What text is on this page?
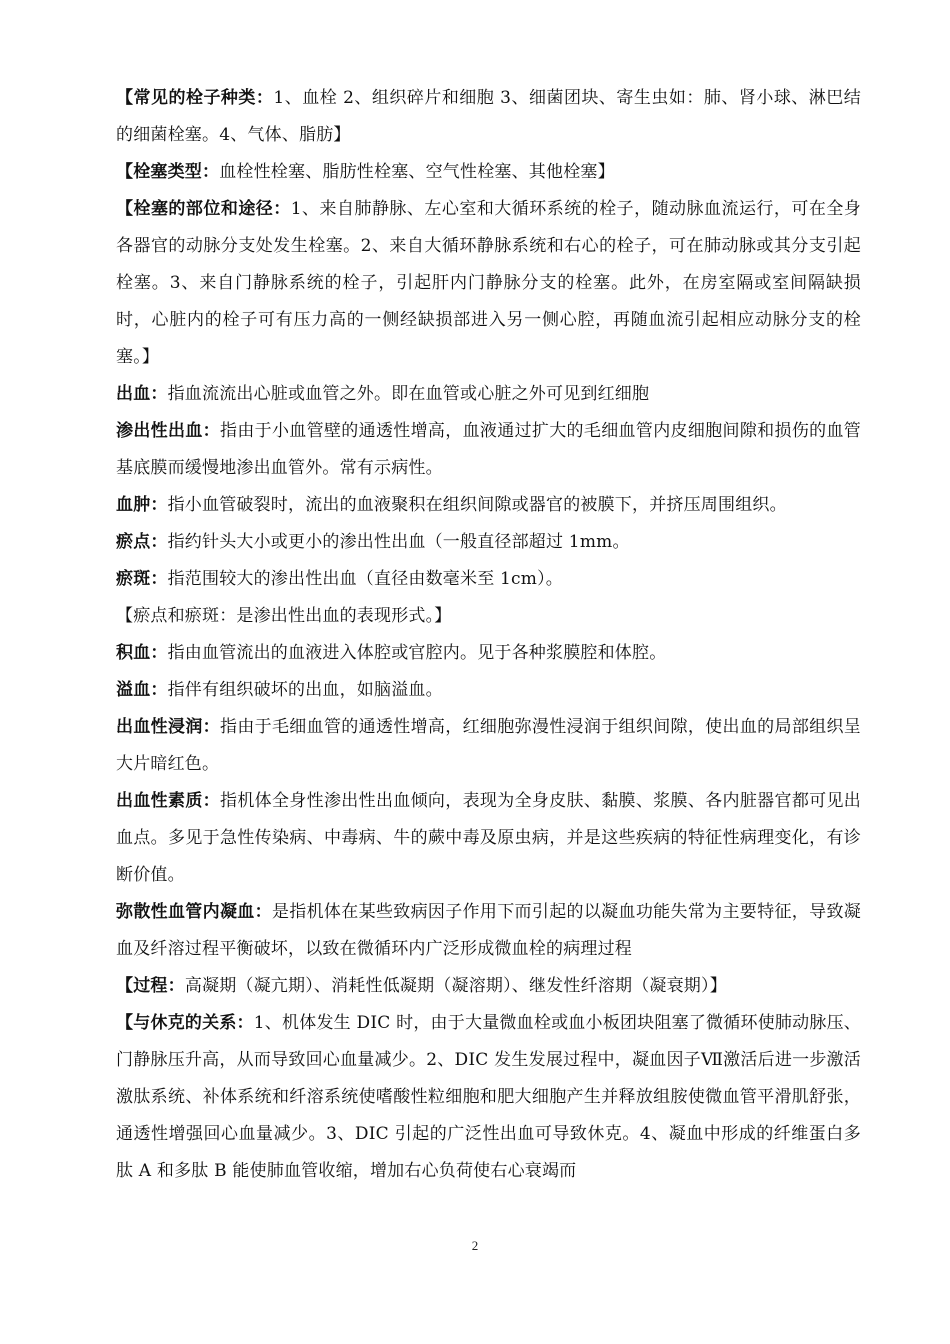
【常见的栓子种类：1、血栓 2、组织碎片和细胞 3、细菌团块、寄生虫如：肺、肾小球、淋巴结的细菌栓塞。4、气体、脂肪】

【栓塞类型：血栓性栓塞、脂肪性栓塞、空气性栓塞、其他栓塞】

【栓塞的部位和途径：1、来自肺静脉、左心室和大循环系统的栓子，随动脉血流运行，可在全身各器官的动脉分支处发生栓塞。2、来自大循环静脉系统和右心的栓子，可在肺动脉或其分支引起栓塞。3、来自门静脉系统的栓子，引起肝内门静脉分支的栓塞。此外，在房室隔或室间隔缺损时，心脏内的栓子可有压力高的一侧经缺损部进入另一侧心腔，再随血流引起相应动脉分支的栓塞。】

出血：指血流流出心脏或血管之外。即在血管或心脏之外可见到红细胞

渗出性出血：指由于小血管壁的通透性增高，血液通过扩大的毛细血管内皮细胞间隙和损伤的血管基底膜而缓慢地渗出血管外。常有示病性。

血肿：指小血管破裂时，流出的血液聚积在组织间隙或器官的被膜下，并挤压周围组织。

瘀点：指约针头大小或更小的渗出性出血（一般直径部超过 1mm。

瘀斑：指范围较大的渗出性出血（直径由数毫米至 1cm）。

【瘀点和瘀斑：是渗出性出血的表现形式。】

积血：指由血管流出的血液进入体腔或官腔内。见于各种浆膜腔和体腔。

溢血：指伴有组织破坏的出血，如脑溢血。

出血性浸润：指由于毛细血管的通透性增高，红细胞弥漫性浸润于组织间隙，使出血的局部组织呈大片暗红色。

出血性素质：指机体全身性渗出性出血倾向，表现为全身皮肤、黏膜、浆膜、各内脏器官都可见出血点。多见于急性传染病、中毒病、牛的蕨中毒及原虫病，并是这些疾病的特征性病理变化，有诊断价值。

弥散性血管内凝血：是指机体在某些致病因子作用下而引起的以凝血功能失常为主要特征，导致凝血及纤溶过程平衡破坏，以致在微循环内广泛形成微血栓的病理过程

【过程：高凝期（凝亢期）、消耗性低凝期（凝溶期）、继发性纤溶期（凝衰期）】

【与休克的关系：1、机体发生 DIC 时，由于大量微血栓或血小板团块阻塞了微循环使肺动脉压、门静脉压升高，从而导致回心血量减少。2、DIC 发生发展过程中，凝血因子Ⅶ激活后进一步激活激肽系统、补体系统和纤溶系统使嗜酸性粒细胞和肥大细胞产生并释放组胺使微血管平滑肌舒张，通透性增强回心血量减少。3、DIC 引起的广泛性出血可导致休克。4、凝血中形成的纤维蛋白多肽 A 和多肽 B 能使肺血管收缩，增加右心负荷使右心衰竭而

2
